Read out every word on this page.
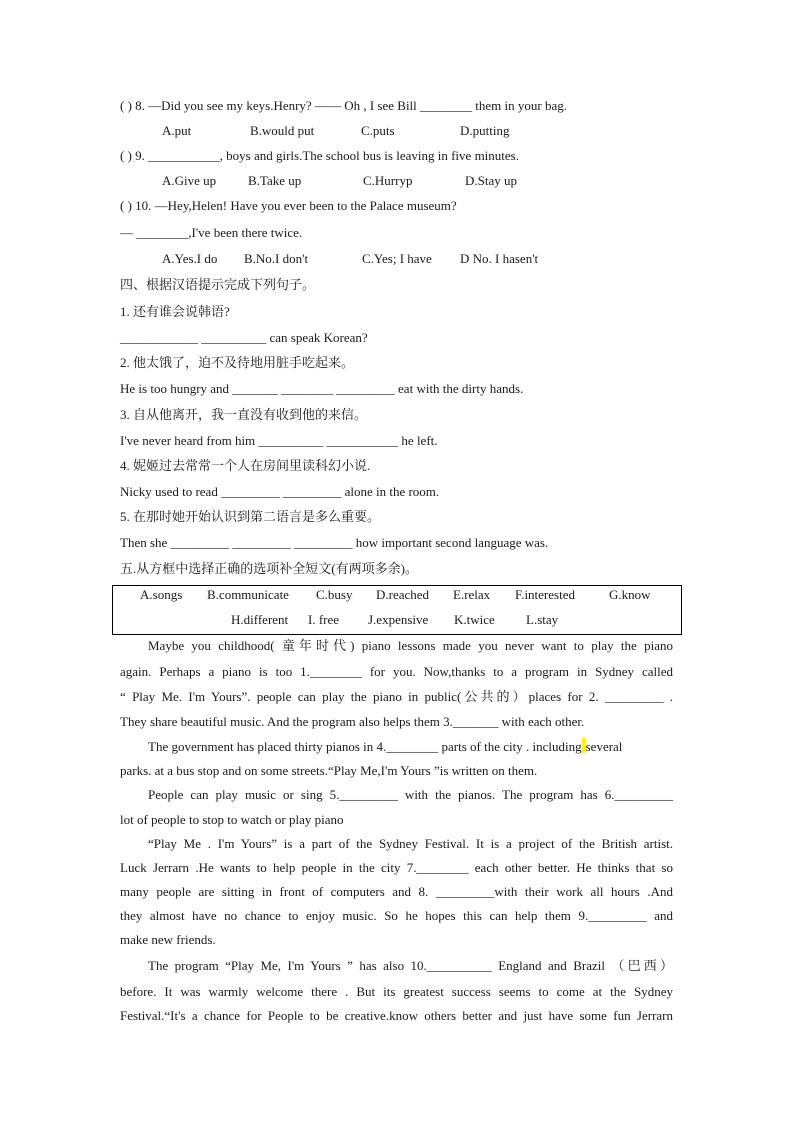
( ) 8. —Did you see my keys.Henry? —— Oh , I see Bill ________ them in your bag.
A.put	B.would put	C.puts	D.putting
( ) 9. ___________, boys and girls.The school bus is leaving in five minutes.
A.Give up B.Take up	C.Hurryp	D.Stay up
( ) 10. —Hey,Helen! Have you ever been to the Palace museum?
— ________,I've been there twice.
A.Yes.I do B.No.I don't	C.Yes; I have D No. I hasen't
四、根据汉语提示完成下列句子。
1. 还有谁会说韩语?
____________ __________ can speak Korean?
2. 他太饿了，迫不及待地用脏手吃起来。
He is too hungry and _______ ________ _________ eat with the dirty hands.
3. 自从他离开，我一直没有收到他的来信。
I've never heard from him __________ ___________ he left.
4. 妮姬过去常常一个人在房间里读科幻小说.
Nicky used to read _________ _________ alone in the room.
5. 在那时她开始认识到第二语言是多么重要。
Then she _________ _________ _________ how important second language was.
五.从方框中选择正确的选项补全短文(有两项多余)。
A.songs B.communicate C.busy D.reached E.relax F.interested	G.know
H.different I. free J.expensive K.twice L.stay
Maybe you childhood( 童年时代) piano lessons made you never want to play the piano
again. Perhaps a piano is too 1.________ for you. Now,thanks to a program in Sydney called
“ Play Me. I'm Yours”. people can play the piano in public(公共的）places for 2. _________ .
They share beautiful music. And the program also helps them 3._______ with each other.
The government has placed thirty pianos in 4.________ parts of the city . including several
parks. at a bus stop and on some streets.“Play Me,I'm Yours ”is written on them.
People can play music or sing 5._________ with the pianos. The program has 6._________
lot of people to stop to watch or play piano
“Play Me . I'm Yours” is a part of the Sydney Festival. It is a project of the British artist.
Luck Jerrarn .He wants to help people in the city 7.________ each other better. He thinks that so
many people are sitting in front of computers and 8. _________with their work all hours .And
they almost have no chance to enjoy music. So he hopes this can help them 9._________ and
make new friends.
The program “Play Me, I'm Yours ” has also 10.__________ England and Brazil （巴西）
before. It was warmly welcome there . But its greatest success seems to come at the Sydney
Festival.“It's a chance for People to be creative.know others better and just have some fun Jerrarn
